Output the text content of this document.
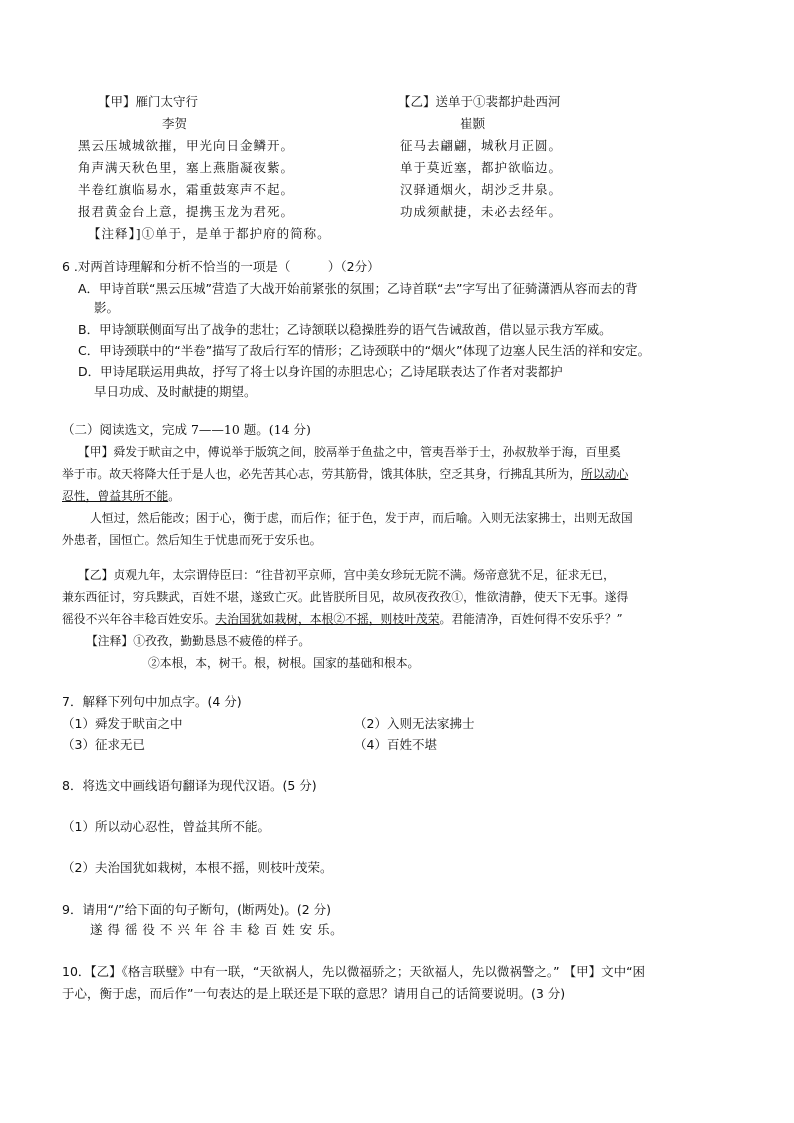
【甲】雁门太守行
李贺
黑云压城城欲摧，甲光向日金鳞开。
角声满天秋色里，塞上燕脂凝夜紫。
半卷红旗临易水，霜重鼓寒声不起。
报君黄金台上意，提携玉龙为君死。
【注释】]①单于，是单于都护府的简称。
【乙】送单于①裴都护赴西河
崔颢
征马去翩翩，城秋月正圆。
单于莫近塞，都护欲临边。
汉驿通烟火，胡沙乏井泉。
功成须献捷，未必去经年。
6 .对两首诗理解和分析不恰当的一项是（　　　）（2分）
A．甲诗首联“黑云压城”营造了大战开始前紧张的氛围；乙诗首联“去”字写出了征骑潇洒从容而去的背
影。
B．甲诗颔联侧面写出了战争的悲壮；乙诗颔联以稳操胜券的语气告诫敌酋，借以显示我方军威。
C．甲诗颈联中的“半卷”描写了敌后行军的情形；乙诗颈联中的“烟火”体现了边塞人民生活的祥和安定。
D．甲诗尾联运用典故，抒写了将士以身许国的赤胆忠心；乙诗尾联表达了作者对裴都护
早日功成、及时献捷的期望。
（二）阅读选文，完成 7——10 题。(14 分)
【甲】舜发于畎亩之中，傅说举于版筑之间，胶鬲举于鱼盐之中，管夷吾举于士，孙叔敖举于海，百里奚
举于市。故天将降大任于是人也，必先苦其心志，劳其筋骨，饿其体肤，空乏其身，行拂乱其所为，所以动心
忍性，曾益其所不能。
人恒过，然后能改；困于心，衡于虑，而后作；征于色，发于声，而后喻。入则无法家拂士，出则无敌国
外患者，国恒亡。然后知生于忧患而死于安乐也。
【乙】贞观九年，太宗谓侍臣曰：“往昔初平京师，宫中美女珍玩无院不满。炀帝意犹不足，征求无已，
兼东西征讨，穷兵黩武，百姓不堪，遂致亡灭。此皆朕所目见，故夙夜孜孜①，惟欲清静，使天下无事。遂得
徭役不兴年谷丰稔百姓安乐。夫治国犹如栽树，本根②不摇，则枝叶茂荣。君能清净，百姓何得不安乐乎？”
【注释】①孜孜，勤勤恳恳不疲倦的样子。
②本根，本，树干。根，树根。国家的基础和根本。
7．解释下列句中加点字。(4 分)
（1）舜发于畎亩之中	（2）入则无法家拂士
（3）征求无已	（4）百姓不堪
8．将选文中画线语句翻译为现代汉语。(5 分)
（1）所以动心忍性，曾益其所不能。
（2）夫治国犹如栽树，本根不摇，则枝叶茂荣。
9．请用“/”给下面的句子断句，(断两处)。(2 分)
遂 得 徭 役 不 兴 年 谷 丰 稔 百 姓 安 乐。
10．【乙】《格言联璧》中有一联，“天欲祸人，先以微福骄之；天欲福人，先以微祸警之。” 【甲】文中“困
于心，衡于虑，而后作”一句表达的是上联还是下联的意思？请用自己的话简要说明。(3 分)
